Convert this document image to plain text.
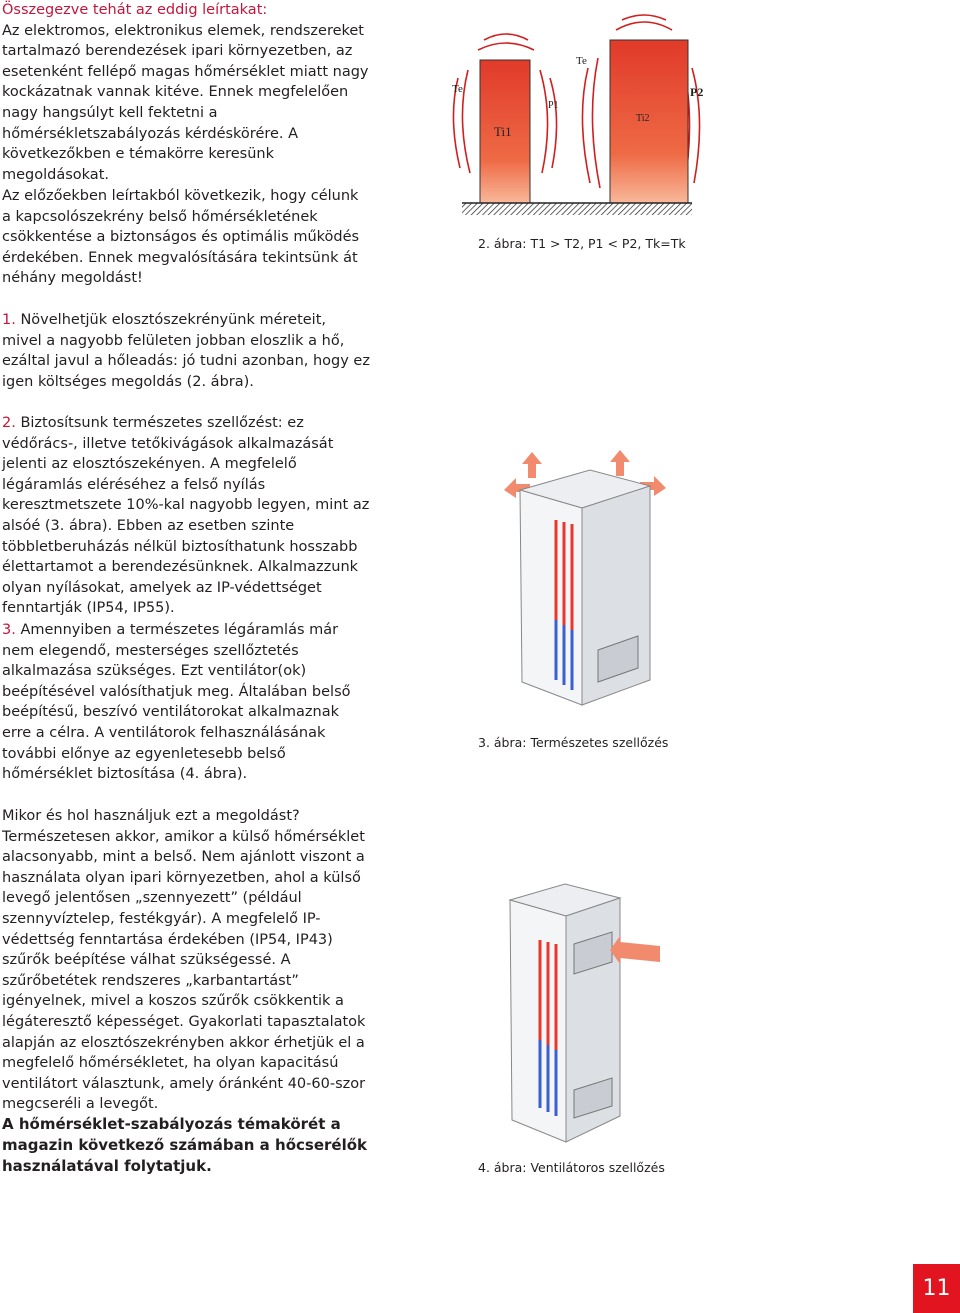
Összegezve tehát az eddig leírtakat:

Az elektromos, elektronikus elemek, rendszereket tartalmazó berendezések ipari környezetben, az esetenként fellépő magas hőmérséklet miatt nagy kockázatnak vannak kitéve. Ennek megfelelően nagy hangsúlyt kell fektetni a hőmérsékletszabályozás kérdéskörére. A következőkben e témakörre keresünk megoldásokat.

Az előzőekben leírtakból következik, hogy célunk a kapcsolószekrény belső hőmérsékletének csökkentése a biztonságos és optimális működés érdekében. Ennek megvalósítására tekintsünk át néhány megoldást!

1. Növelhetjük elosztószekrényünk méreteit, mivel a nagyobb felületen jobban eloszlik a hő, ezáltal javul a hőleadás: jó tudni azonban, hogy ez igen költséges megoldás (2. ábra).

2. Biztosítsunk természetes szellőzést: ez védőrács-, illetve tetőkivágások alkalmazását jelenti az elosztószekényen. A megfelelő légáramlás eléréséhez a felső nyílás keresztmetszete 10%-kal nagyobb legyen, mint az alsóé (3. ábra). Ebben az esetben szinte többletberuházás nélkül biztosíthatunk hosszabb élettartamot a berendezésünknek. Alkalmazzunk olyan nyílásokat, amelyek az IP-védettséget fenntartják (IP54, IP55).

3. Amennyiben a természetes légáramlás már nem elegendő, mesterséges szellőztetés alkalmazása szükséges. Ezt ventilátor(ok) beépítésével valósíthatjuk meg. Általában belső beépítésű, beszívó ventilátorokat alkalmaznak erre a célra. A ventilátorok felhasználásának további előnye az egyenletesebb belső hőmérséklet biztosítása (4. ábra).

Mikor és hol használjuk ezt a megoldást? Természetesen akkor, amikor a külső hőmérséklet alacsonyabb, mint a belső. Nem ajánlott viszont a használata olyan ipari környezetben, ahol a külső levegő jelentősen „szennyezett” (például szennyvíztelep, festékgyár). A megfelelő IP-védettség fenntartása érdekében (IP54, IP43) szűrők beépítése válhat szükségessé. A szűrőbetétek rendszeres „karbantartást” igényelnek, mivel a koszos szűrők csökkentik a légáteresztő képességet. Gyakorlati tapasztalatok alapján az elosztószekrényben akkor érhetjük el a megfelelő hőmérsékletet, ha olyan kapacitású ventilátort választunk, amely óránként 40-60-szor megcseréli a levegőt.

A hőmérséklet-szabályozás témakörét a magazin következő számában a hőcserélők használatával folytatjuk.

Te
Ti1
P1
Te
Ti2
P2
2. ábra: T1 > T2, P1 < P2, Tk=Tk
3. ábra: Természetes szellőzés
4. ábra: Ventilátoros szellőzés
11
